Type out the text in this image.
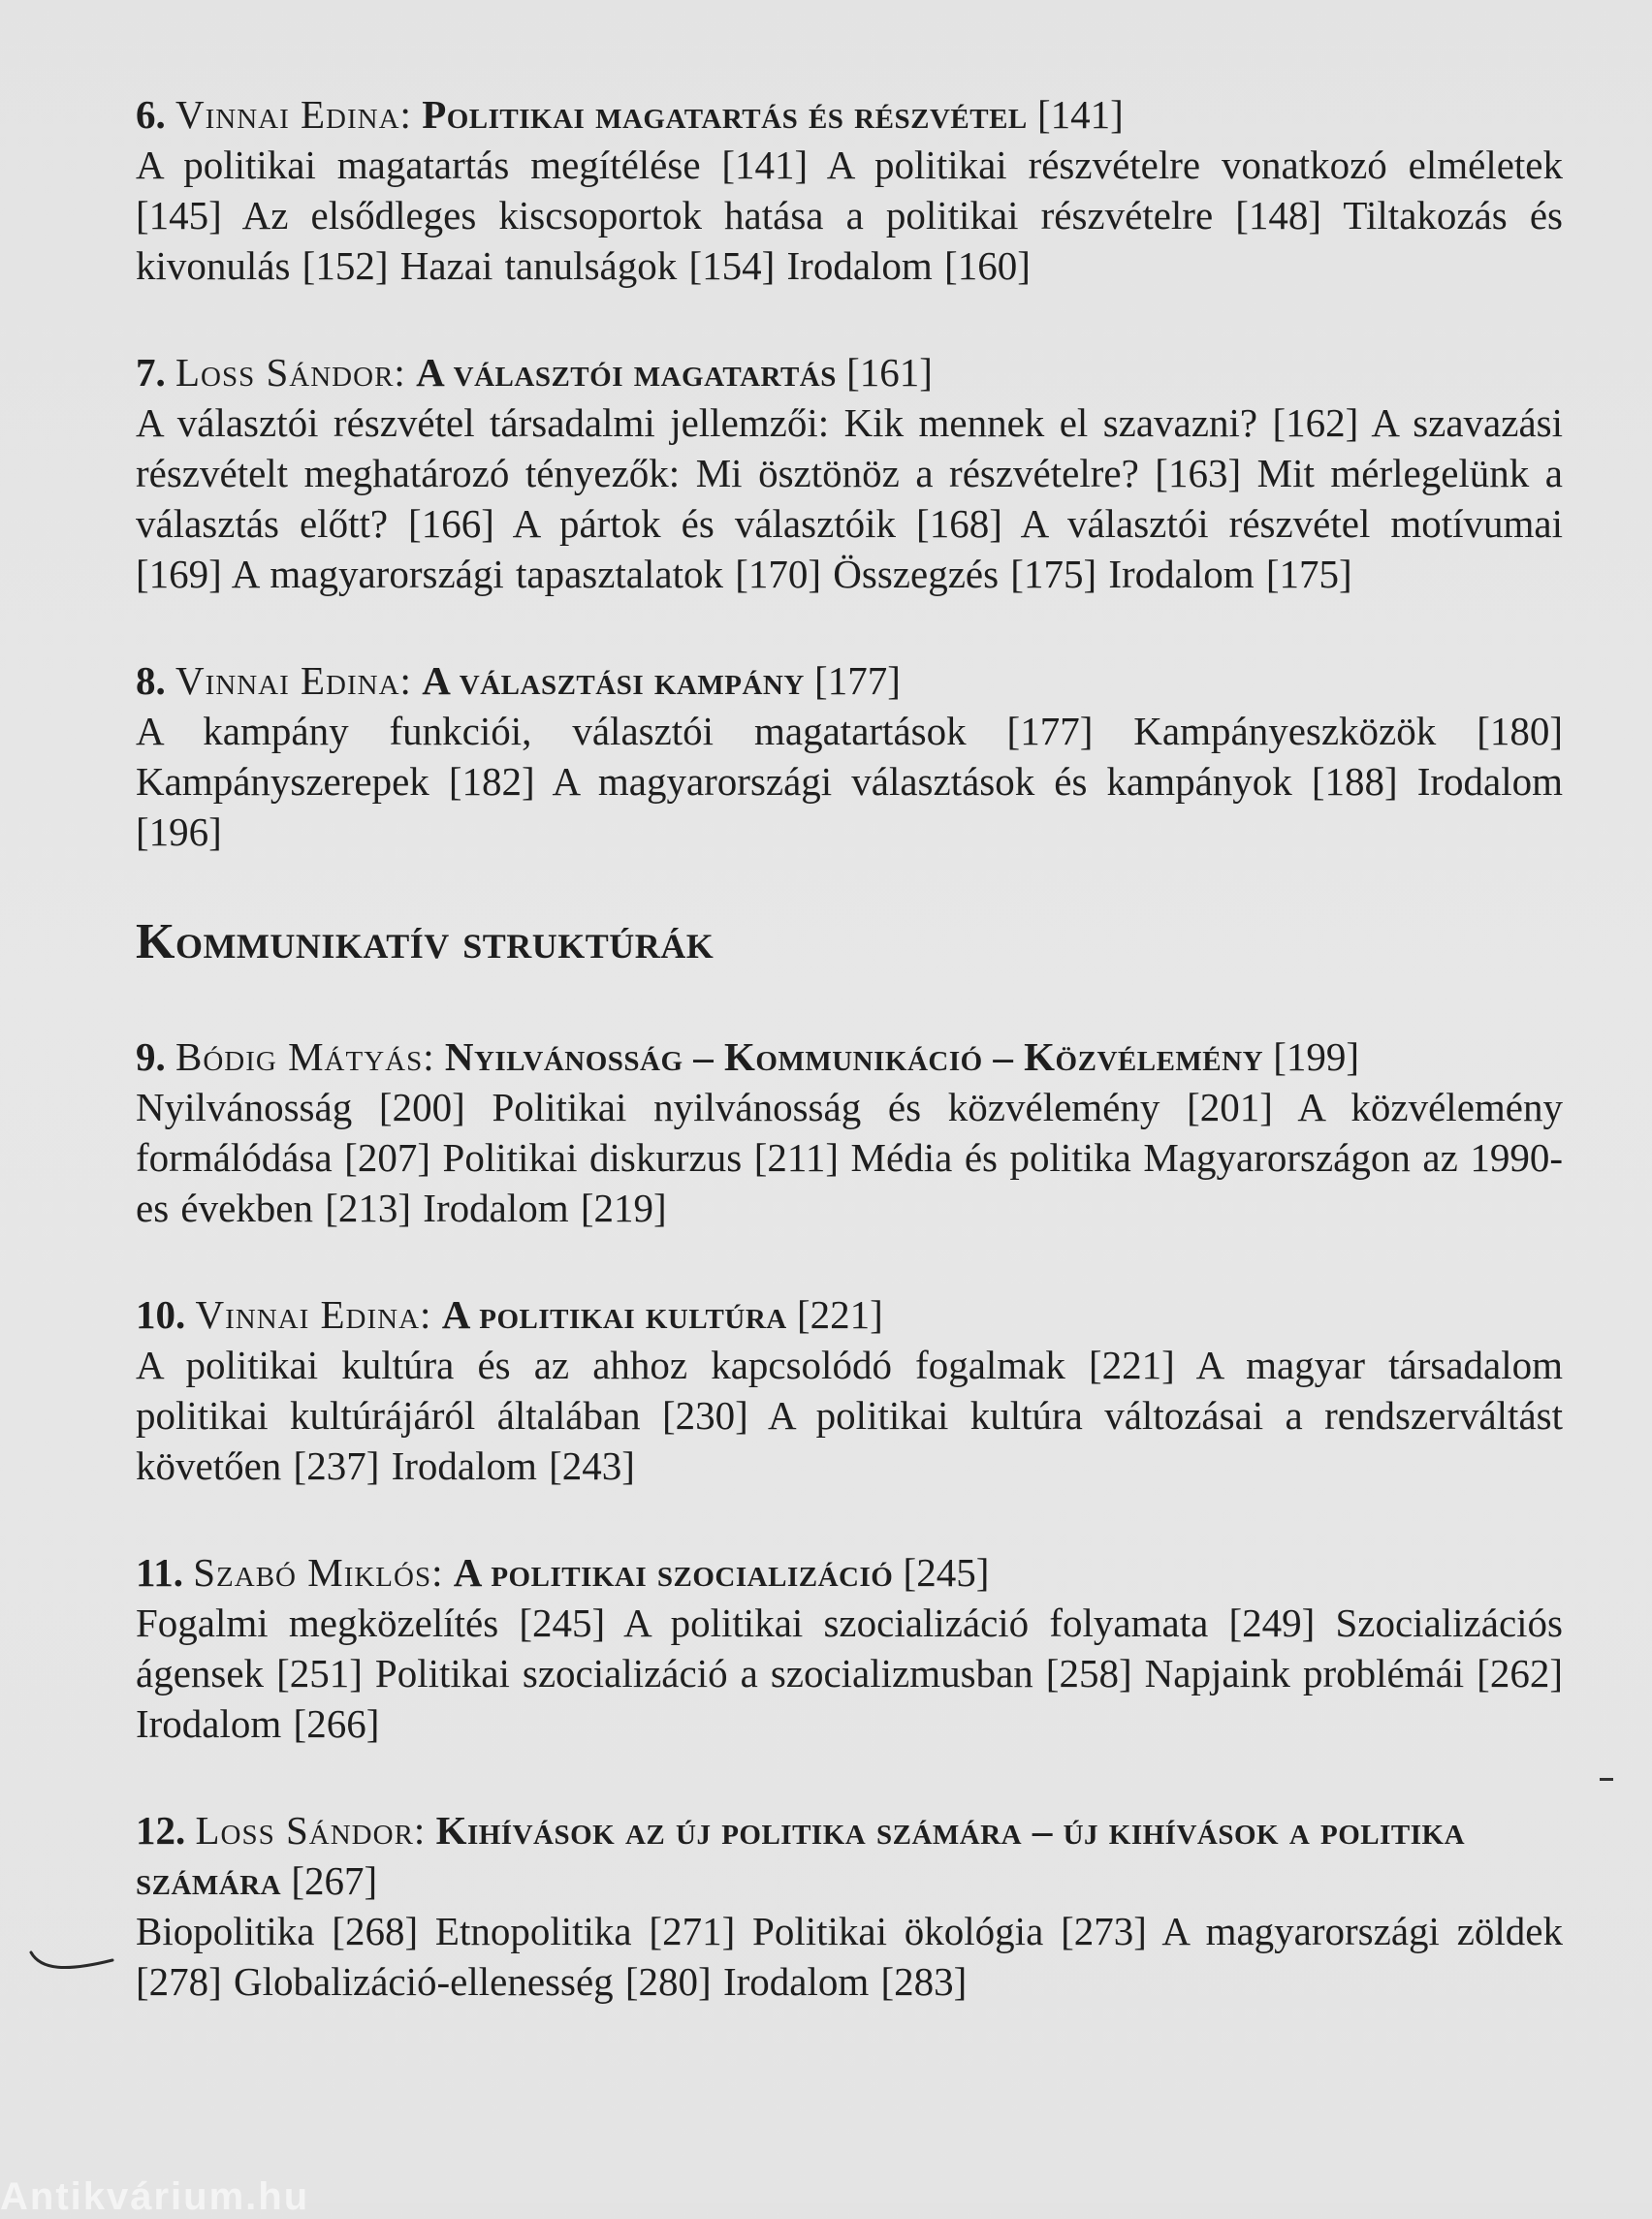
6. Vinnai Edina: Politikai magatartás és részvétel [141]
A politikai magatartás megítélése [141] A politikai részvételre vonatkozó elméletek [145] Az elsődleges kiscsoportok hatása a politikai részvételre [148] Tiltakozás és kivonulás [152] Hazai tanulságok [154] Irodalom [160]
7. Loss Sándor: A választói magatartás [161]
A választói részvétel társadalmi jellemzői: Kik mennek el szavazni? [162] A szavazási részvételt meghatározó tényezők: Mi ösztönöz a részvételre? [163] Mit mérlegelünk a választás előtt? [166] A pártok és választóik [168] A választói részvétel motívumai [169] A magyarországi tapasztalatok [170] Összegzés [175] Irodalom [175]
8. Vinnai Edina: A választási kampány [177]
A kampány funkciói, választói magatartások [177] Kampányeszközök [180] Kampányszerepek [182] A magyarországi választások és kampányok [188] Irodalom [196]
Kommunikatív struktúrák
9. Bódig Mátyás: Nyilvánosság – Kommunikáció – Közvélemény [199]
Nyilvánosság [200] Politikai nyilvánosság és közvélemény [201] A közvélemény formálódása [207] Politikai diskurzus [211] Média és politika Magyarországon az 1990-es években [213] Irodalom [219]
10. Vinnai Edina: A politikai kultúra [221]
A politikai kultúra és az ahhoz kapcsolódó fogalmak [221] A magyar társadalom politikai kultúrájáról általában [230] A politikai kultúra változásai a rendszerváltást követően [237] Irodalom [243]
11. Szabó Miklós: A politikai szocializáció [245]
Fogalmi megközelítés [245] A politikai szocializáció folyamata [249] Szocializációs ágensek [251] Politikai szocializáció a szocializmusban [258] Napjaink problémái [262] Irodalom [266]
12. Loss Sándor: Kihívások az új politika számára – új kihívások a politika számára [267]
Biopolitika [268] Etnopolitika [271] Politikai ökológia [273] A magyarországi zöldek [278] Globalizáció-ellenesség [280] Irodalom [283]
Antikvárium.hu
